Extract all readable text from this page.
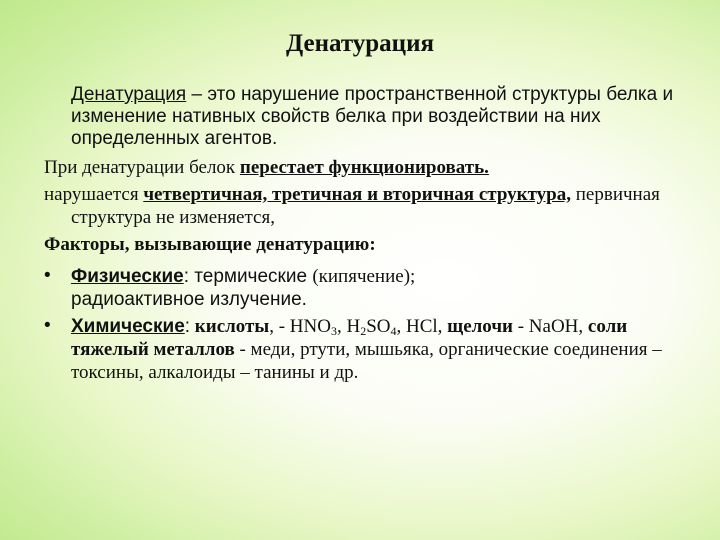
Денатурация
Денатурация – это нарушение пространственной структуры белка и изменение нативных свойств белка при воздействии на них определенных агентов.
При денатурации белок перестает функционировать.
нарушается четвертичная, третичная и вторичная структура, первичная структура не изменяется,
Факторы, вызывающие денатурацию:
• Физические: термические (кипячение);
радиоактивное излучение.
• Химические: кислоты, - $HNO_3$, $H_2SO_4$, HCl, щелочи - NaOH, соли тяжелый металлов - меди, ртути, мышьяка, органические соединения – токсины, алкалоиды – танины и др.
